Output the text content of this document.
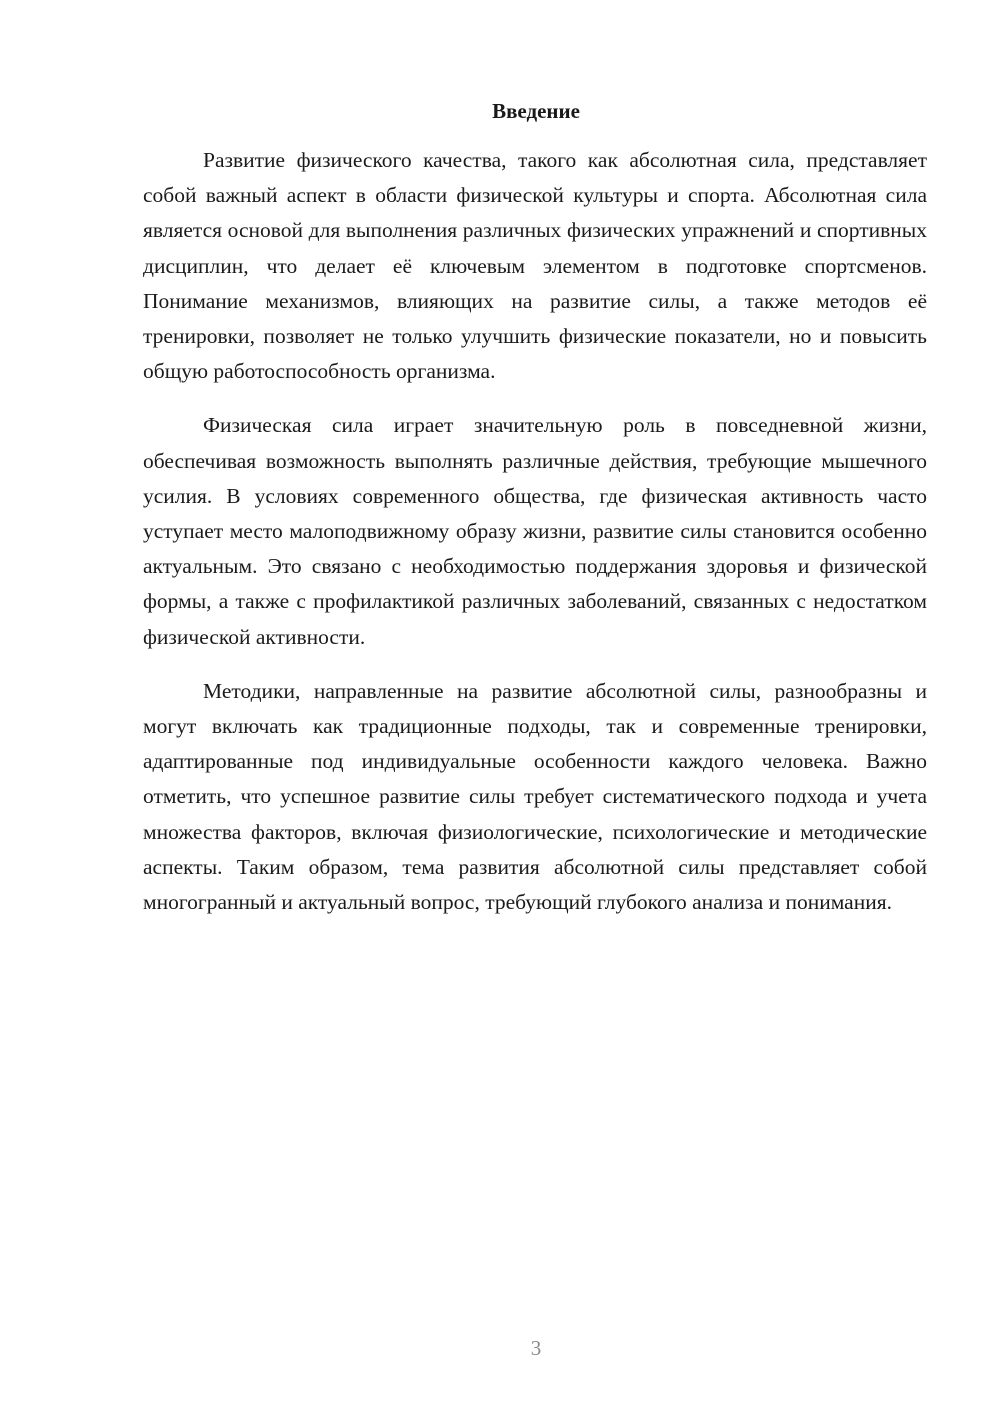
Введение

Развитие физического качества, такого как абсолютная сила, представляет собой важный аспект в области физической культуры и спорта. Абсолютная сила является основой для выполнения различных физических упражнений и спортивных дисциплин, что делает её ключевым элементом в подготовке спортсменов. Понимание механизмов, влияющих на развитие силы, а также методов её тренировки, позволяет не только улучшить физические показатели, но и повысить общую работоспособность организма.

Физическая сила играет значительную роль в повседневной жизни, обеспечивая возможность выполнять различные действия, требующие мышечного усилия. В условиях современного общества, где физическая активность часто уступает место малоподвижному образу жизни, развитие силы становится особенно актуальным. Это связано с необходимостью поддержания здоровья и физической формы, а также с профилактикой различных заболеваний, связанных с недостатком физической активности.

Методики, направленные на развитие абсолютной силы, разнообразны и могут включать как традиционные подходы, так и современные тренировки, адаптированные под индивидуальные особенности каждого человека. Важно отметить, что успешное развитие силы требует систематического подхода и учета множества факторов, включая физиологические, психологические и методические аспекты. Таким образом, тема развития абсолютной силы представляет собой многогранный и актуальный вопрос, требующий глубокого анализа и понимания.

3
